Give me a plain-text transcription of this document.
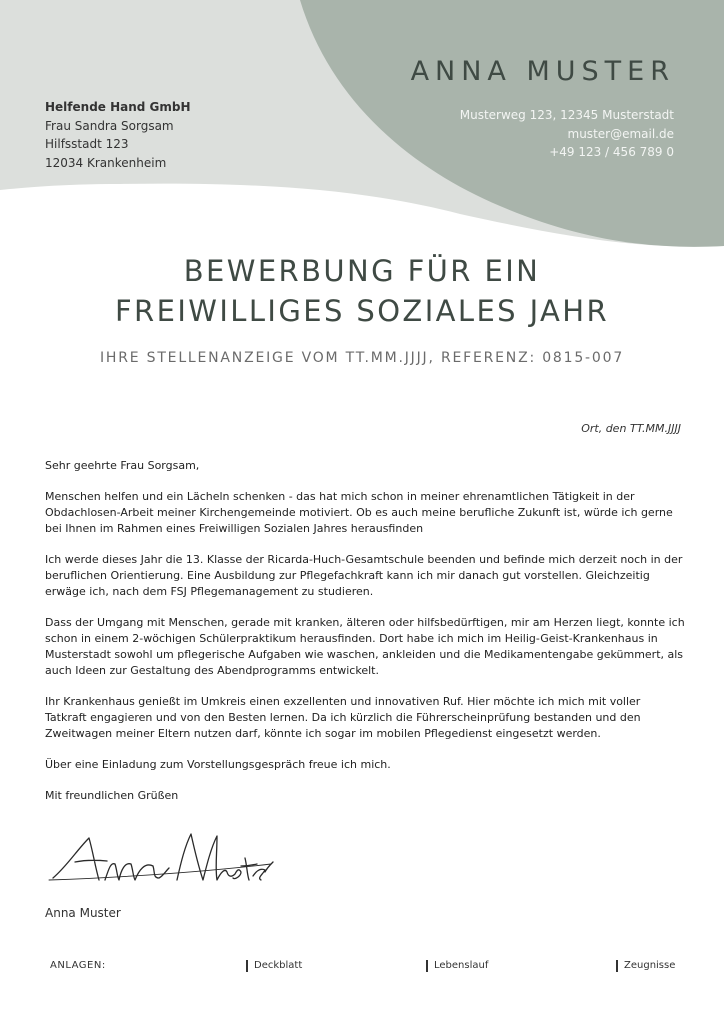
Helfende Hand GmbH
Frau Sandra Sorgsam
Hilfsstadt 123
12034 Krankenheim
ANNA MUSTER
Musterweg 123, 12345 Musterstadt
muster@email.de
+49 123 / 456 789 0
BEWERBUNG FÜR EIN
FREIWILLIGES SOZIALES JAHR
IHRE STELLENANZEIGE VOM TT.MM.JJJJ, REFERENZ: 0815-007
Ort, den TT.MM.JJJJ

Sehr geehrte Frau Sorgsam,

Menschen helfen und ein Lächeln schenken - das hat mich schon in meiner ehrenamtlichen Tätigkeit in der Obdachlosen-Arbeit meiner Kirchengemeinde motiviert. Ob es auch meine berufliche Zukunft ist, würde ich gerne bei Ihnen im Rahmen eines Freiwilligen Sozialen Jahres herausfinden

Ich werde dieses Jahr die 13. Klasse der Ricarda-Huch-Gesamtschule beenden und befinde mich derzeit noch in der beruflichen Orientierung. Eine Ausbildung zur Pflegefachkraft kann ich mir danach gut vorstellen. Gleichzeitig erwäge ich, nach dem FSJ Pflegemanagement zu studieren.

Dass der Umgang mit Menschen, gerade mit kranken, älteren oder hilfsbedürftigen, mir am Herzen liegt, konnte ich schon in einem 2-wöchigen Schülerpraktikum herausfinden. Dort habe ich mich im Heilig-Geist-Krankenhaus in Musterstadt sowohl um pflegerische Aufgaben wie waschen, ankleiden und die Medikamentengabe gekümmert, als auch Ideen zur Gestaltung des Abendprogramms entwickelt.

Ihr Krankenhaus genießt im Umkreis einen exzellenten und innovativen Ruf. Hier möchte ich mich mit voller Tatkraft engagieren und von den Besten lernen. Da ich kürzlich die Führerscheinprüfung bestanden und den Zweitwagen meiner Eltern nutzen darf, könnte ich sogar im mobilen Pflegedienst eingesetzt werden.

Über eine Einladung zum Vorstellungsgespräch freue ich mich.

Mit freundlichen Grüßen

Anna Muster
ANLAGEN:	Deckblatt	Lebenslauf	Zeugnisse
